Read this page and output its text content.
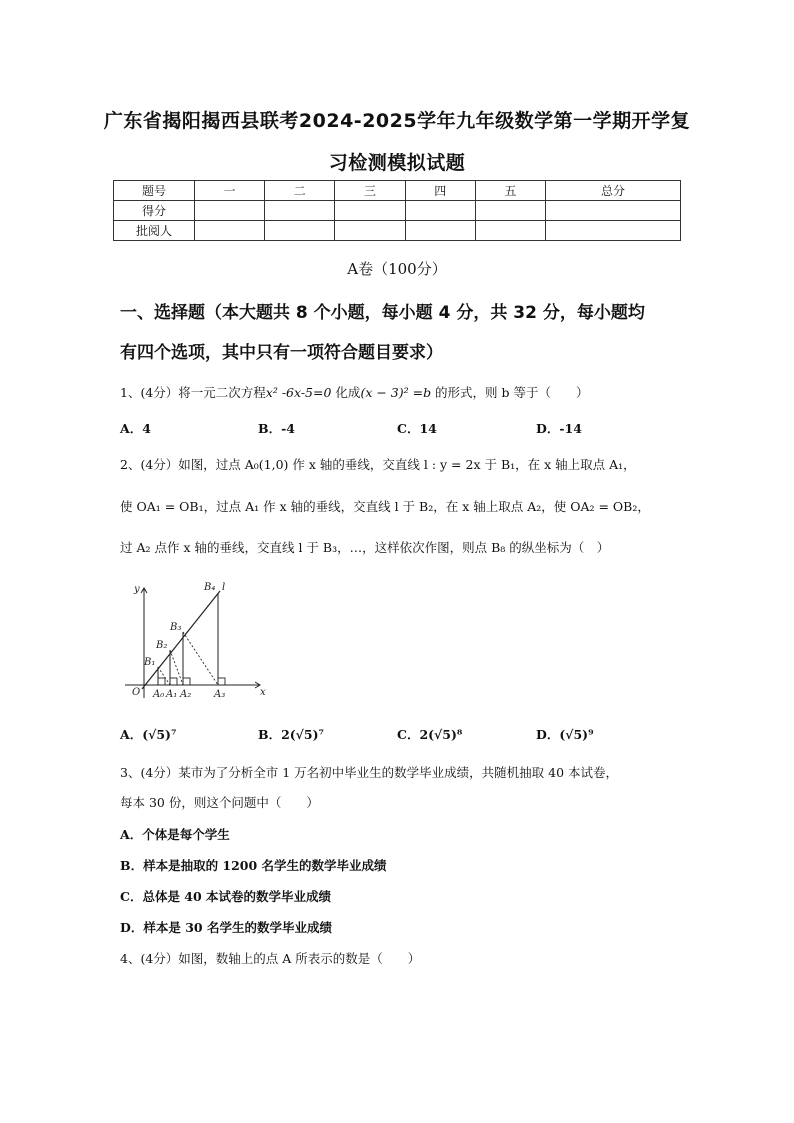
广东省揭阳揭西县联考2024-2025学年九年级数学第一学期开学复
习检测模拟试题
题号	一	二	三	四	五	总分
得分						
批阅人						
A卷（100分）
一、选择题（本大题共 8 个小题，每小题 4 分，共 32 分，每小题均
有四个选项，其中只有一项符合题目要求）
1、(4分）将一元二次方程x² -6x-5=0 化成(x − 3)² =b 的形式，则 b 等于（　　）
A．4	B．-4	C．14	D．-14
2、(4分）如图，过点 A₀(1,0) 作 x 轴的垂线，交直线 l : y = 2x 于 B₁，在 x 轴上取点 A₁，
使 OA₁ = OB₁，过点 A₁ 作 x 轴的垂线，交直线 l 于 B₂，在 x 轴上取点 A₂，使 OA₂ = OB₂，
过 A₂ 点作 x 轴的垂线，交直线 l 于 B₃，…，这样依次作图，则点 B₈ 的纵坐标为（　）
y
x
O
l
A₀ A₁ A₂ A₃
B₁
B₂
B₃
B₄
A．(√5)⁷	B．2(√5)⁷	C．2(√5)⁸	D．(√5)⁹
3、(4分）某市为了分析全市 1 万名初中毕业生的数学毕业成绩，共随机抽取 40 本试卷，
每本 30 份，则这个问题中（　　）
A．个体是每个学生
B．样本是抽取的 1200 名学生的数学毕业成绩
C．总体是 40 本试卷的数学毕业成绩
D．样本是 30 名学生的数学毕业成绩
4、(4分）如图，数轴上的点 A 所表示的数是（　　）
